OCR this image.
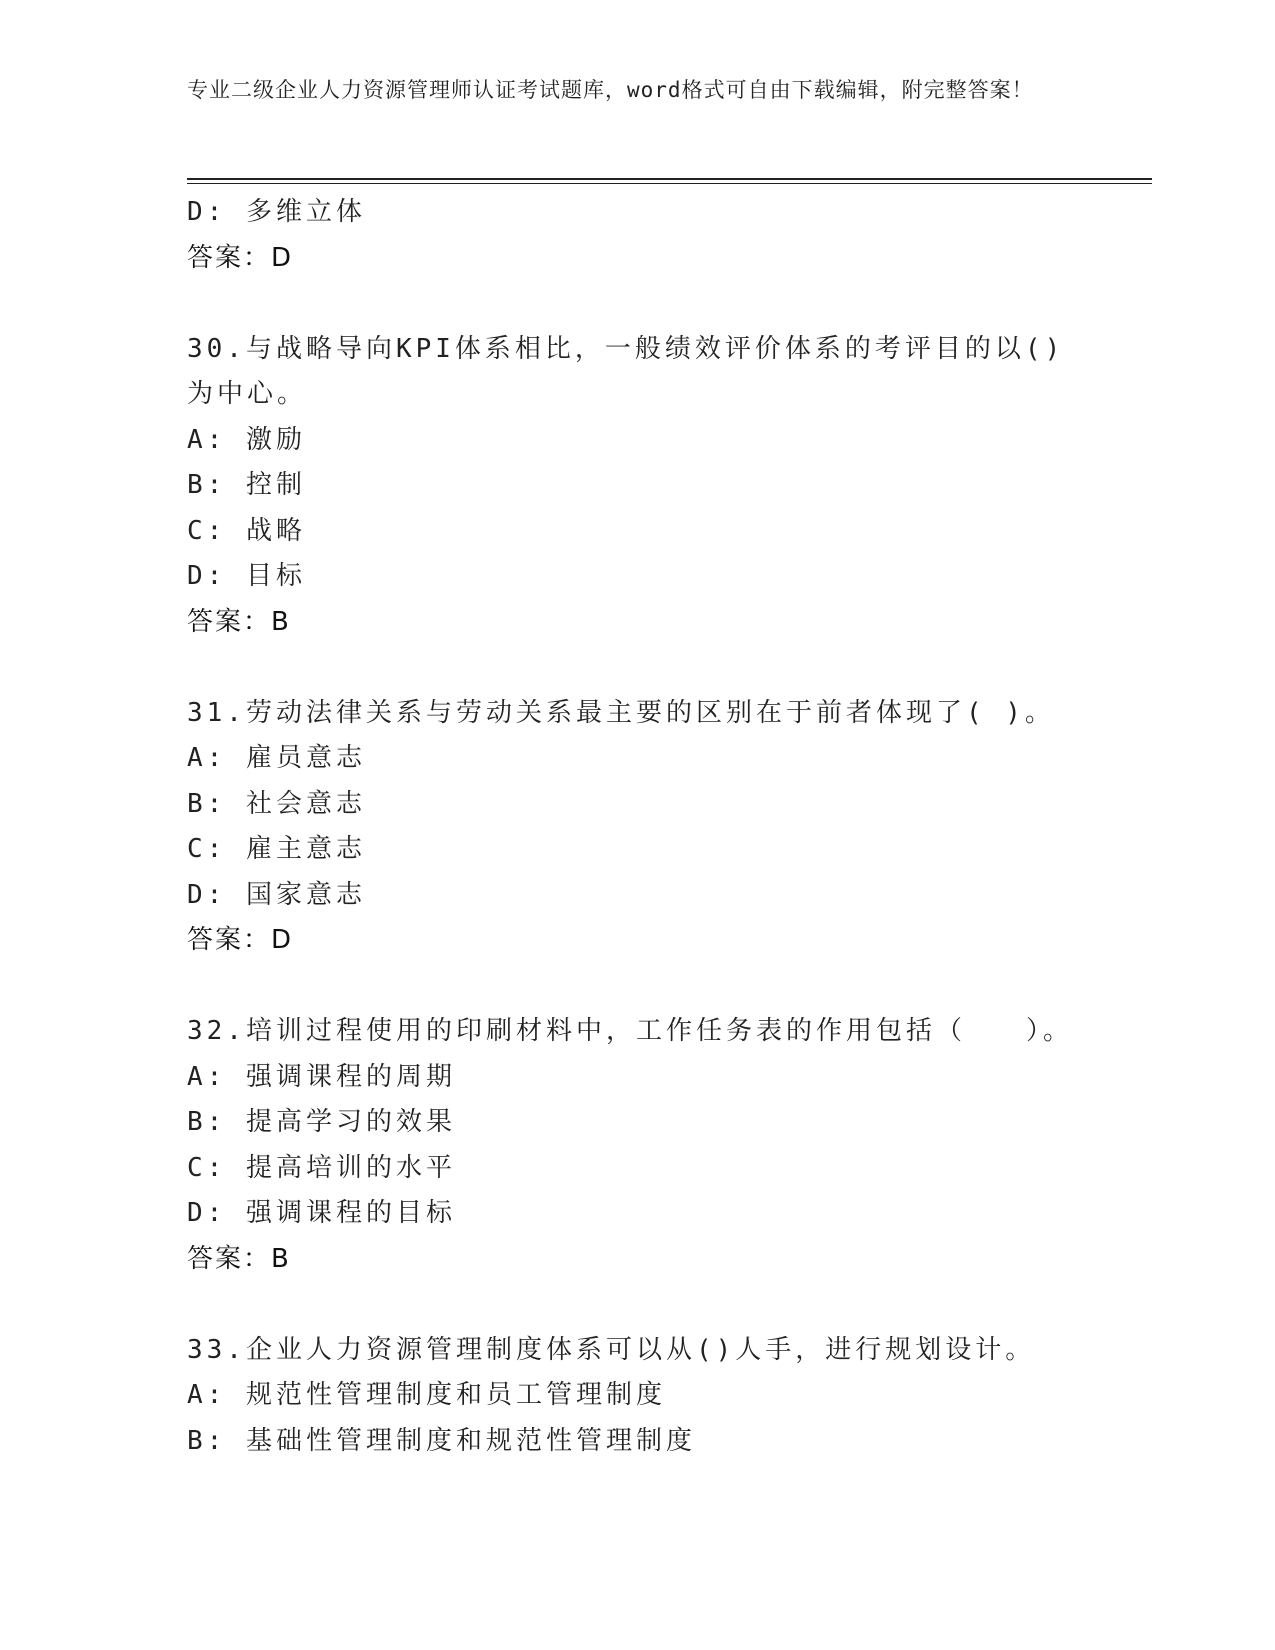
专业二级企业人力资源管理师认证考试题库，word格式可自由下载编辑，附完整答案！
D: 多维立体
答案：D
30.与战略导向KPI体系相比，一般绩效评价体系的考评目的以()为中心。
A: 激励
B: 控制
C: 战略
D: 目标
答案：B
31.劳动法律关系与劳动关系最主要的区别在于前者体现了( )。
A: 雇员意志
B: 社会意志
C: 雇主意志
D: 国家意志
答案：D
32.培训过程使用的印刷材料中，工作任务表的作用包括（　　）。
A: 强调课程的周期
B: 提高学习的效果
C: 提高培训的水平
D: 强调课程的目标
答案：B
33.企业人力资源管理制度体系可以从()人手，进行规划设计。
A: 规范性管理制度和员工管理制度
B: 基础性管理制度和规范性管理制度
